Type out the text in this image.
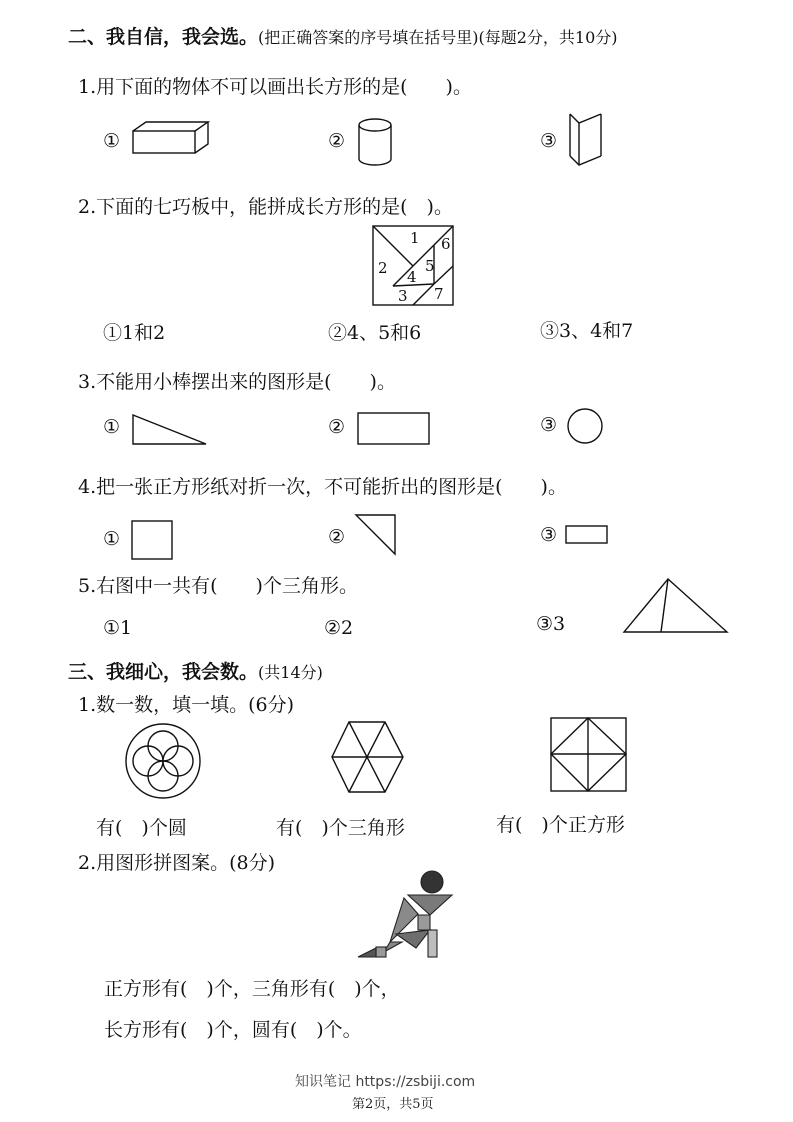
二、我自信，我会选。(把正确答案的序号填在括号里)(每题2分，共10分)
1.用下面的物体不可以画出长方形的是(　　)。
①	②	③
2.下面的七巧板中，能拼成长方形的是(　)。
1
2
3
4
5
6
7
①1和2	②4、5和6	③3、4和7
3.不能用小棒摆出来的图形是(　　)。
①	②	③
4.把一张正方形纸对折一次，不可能折出的图形是(　　)。
①	②	③
5.右图中一共有(　　)个三角形。
①1	②2	③3
三、我细心，我会数。(共14分)
1.数一数，填一填。(6分)
有(　)个圆	有(　)个三角形	有(　)个正方形
2.用图形拼图案。(8分)
正方形有(　)个，三角形有(　)个，
长方形有(　)个，圆有(　)个。
知识笔记 https://zsbiji.com
第2页，共5页
